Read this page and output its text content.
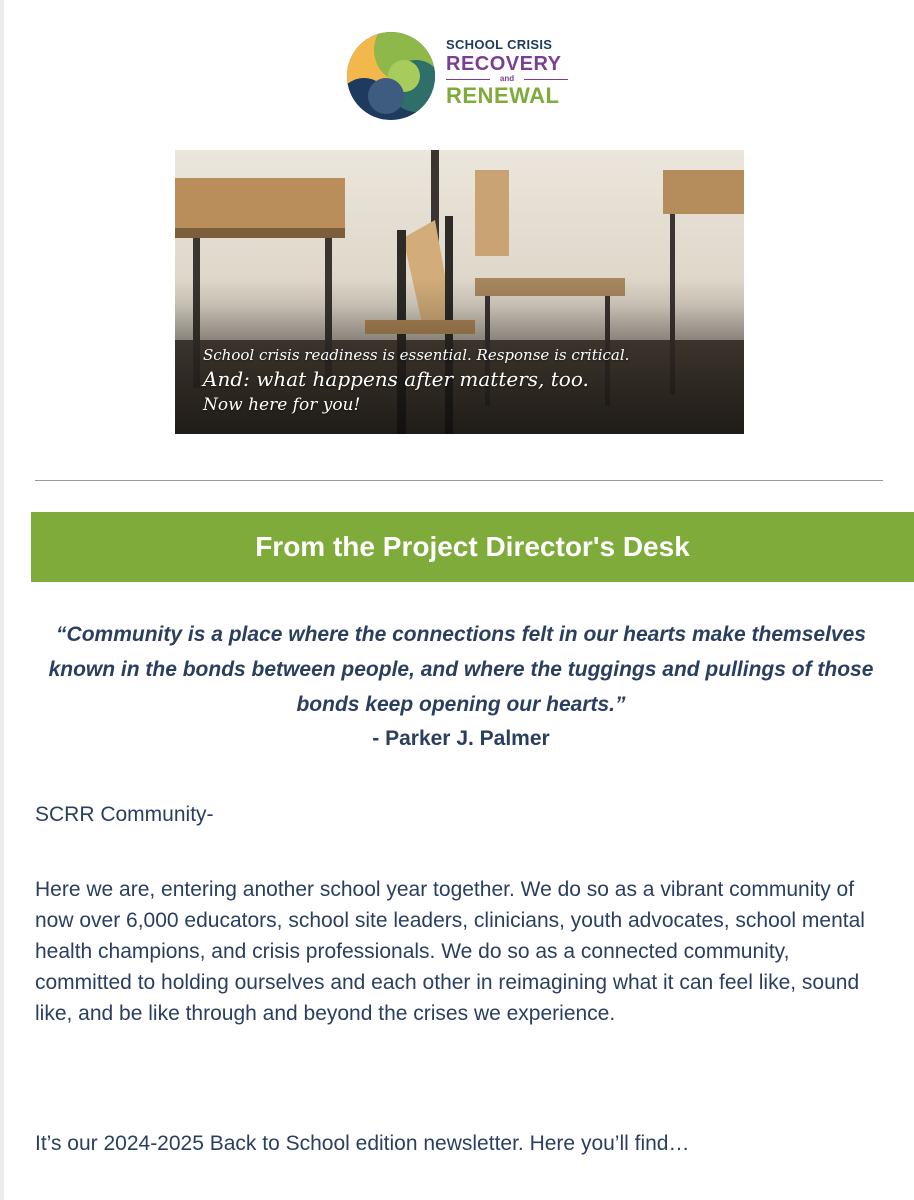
SCHOOL CRISIS
RECOVERY
and
RENEWAL
School crisis readiness is essential. Response is critical.
And: what happens after matters, too.
Now here for you!
From the Project Director's Desk
“Community is a place where the connections felt in our hearts make themselves known in the bonds between people, and where the tuggings and pullings of those bonds keep opening our hearts.”
- Parker J. Palmer

SCRR Community-

Here we are, entering another school year together. We do so as a vibrant community of now over 6,000 educators, school site leaders, clinicians, youth advocates, school mental health champions, and crisis professionals. We do so as a connected community, committed to holding ourselves and each other in reimagining what it can feel like, sound like, and be like through and beyond the crises we experience.

It’s our 2024-2025 Back to School edition newsletter. Here you’ll find…
